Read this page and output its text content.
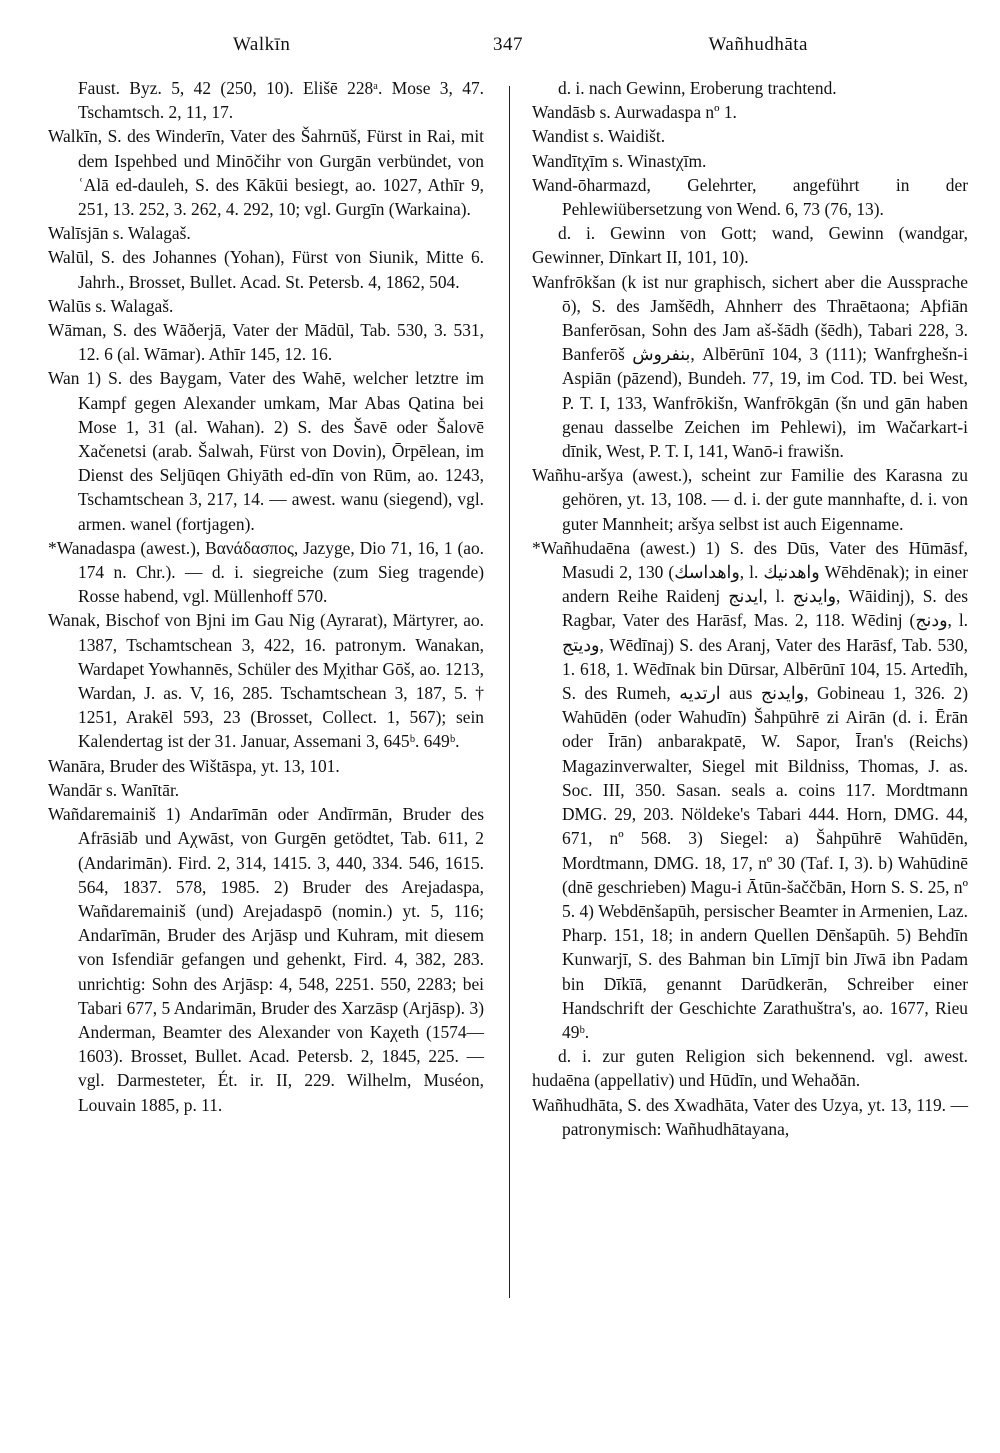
Walkīn	347	Wañhudhāta

Faust. Byz. 5, 42 (250, 10). Elišē 228ᵃ. Mose 3, 47. Tschamtsch. 2, 11, 17.

Walkīn, S. des Winderīn, Vater des Šahrnūš, Fürst in Rai, mit dem Ispehbed und Minōčihr von Gurgān verbündet, von ʿAlā ed-dauleh, S. des Kākūi besiegt, ao. 1027, Athīr 9, 251, 13. 252, 3. 262, 4. 292, 10; vgl. Gurgīn (Warkaina).

Walīsjān s. Walagaš.

Walūl, S. des Johannes (Yohan), Fürst von Siunik, Mitte 6. Jahrh., Brosset, Bullet. Acad. St. Petersb. 4, 1862, 504.

Walūs s. Walagaš.

Wāman, S. des Wāðerjā, Vater der Mādūl, Tab. 530, 3. 531, 12. 6 (al. Wāmar). Athīr 145, 12. 16.

Wan 1) S. des Baygam, Vater des Wahē, welcher letztre im Kampf gegen Alexander umkam, Mar Abas Qatina bei Mose 1, 31 (al. Wahan). 2) S. des Šavē oder Šalovē Xačenetsi (arab. Šalwah, Fürst von Dovin), Ōrpēlean, im Dienst des Seljūqen Ghiyāth ed-dīn von Rūm, ao. 1243, Tschamtschean 3, 217, 14. — awest. wanu (siegend), vgl. armen. wanel (fortjagen).

*Wanadaspa (awest.), Βανάδασπος, Jazyge, Dio 71, 16, 1 (ao. 174 n. Chr.). — d. i. siegreiche (zum Sieg tragende) Rosse habend, vgl. Müllenhoff 570.

Wanak, Bischof von Bjni im Gau Nig (Ayrarat), Märtyrer, ao. 1387, Tschamtschean 3, 422, 16. patronym. Wanakan, Wardapet Yowhannēs, Schüler des Mχithar Gōš, ao. 1213, Wardan, J. as. V, 16, 285. Tschamtschean 3, 187, 5. † 1251, Arakēl 593, 23 (Brosset, Collect. 1, 567); sein Kalendertag ist der 31. Januar, Assemani 3, 645ᵇ. 649ᵇ.

Wanāra, Bruder des Wištāspa, yt. 13, 101.

Wandār s. Wanītār.

Wañdaremainiš 1) Andarīmān oder Andīrmān, Bruder des Afrāsiāb und Aχwāst, von Gurgēn getödtet, Tab. 611, 2 (Andarimān). Fird. 2, 314, 1415. 3, 440, 334. 546, 1615. 564, 1837. 578, 1985. 2) Bruder des Arejadaspa, Wañdaremainiš (und) Arejadaspō (nomin.) yt. 5, 116; Andarīmān, Bruder des Arjāsp und Kuhram, mit diesem von Isfendiār gefangen und gehenkt, Fird. 4, 382, 283. unrichtig: Sohn des Arjāsp: 4, 548, 2251. 550, 2283; bei Tabari 677, 5 Andarimān, Bruder des Xarzāsp (Arjāsp). 3) Anderman, Beamter des Alexander von Kaχeth (1574—1603). Brosset, Bullet. Acad. Petersb. 2, 1845, 225. — vgl. Darmesteter, Ét. ir. II, 229. Wilhelm, Muséon, Louvain 1885, p. 11.

d. i. nach Gewinn, Eroberung trachtend.

Wandāsb s. Aurwadaspa nº 1.

Wandist s. Waidišt.

Wandītχīm s. Winastχīm.

Wand-ōharmazd, Gelehrter, angeführt in der Pehlewiübersetzung von Wend. 6, 73 (76, 13).

d. i. Gewinn von Gott; wand, Gewinn (wandgar, Gewinner, Dīnkart II, 101, 10).

Wanfrōkšan (k ist nur graphisch, sichert aber die Aussprache ō), S. des Jamšēdh, Ahnherr des Thraētaona; Aþfiān Banferōsan, Sohn des Jam aš-šādh (šēdh), Tabari 228, 3. Banferōš بنفروش, Albērūnī 104, 3 (111); Wanfrghešn-i Aspiān (pāzend), Bundeh. 77, 19, im Cod. TD. bei West, P. T. I, 133, Wanfrōkišn, Wanfrōkgān (šn und gān haben genau dasselbe Zeichen im Pehlewi), im Wačarkart-i dīnik, West, P. T. I, 141, Wanō-i frawišn.

Wañhu-aršya (awest.), scheint zur Familie des Karasna zu gehören, yt. 13, 108. — d. i. der gute mannhafte, d. i. von guter Mannheit; aršya selbst ist auch Eigenname.

*Wañhudaēna (awest.) 1) S. des Dūs, Vater des Hūmāsf, Masudi 2, 130 (واهداسك, l. واهدنيك Wēhdēnak); in einer andern Reihe Raidenj ايدنج, l. وايدنج, Wāidinj), S. des Ragbar, Vater des Harāsf, Mas. 2, 118. Wēdinj (ودنج, l. وديتج, Wēdīnaj) S. des Aranj, Vater des Harāsf, Tab. 530, 1. 618, 1. Wēdīnak bin Dūrsar, Albērūnī 104, 15. Artedīh, S. des Rumeh, ارتديه aus وايدنج, Gobineau 1, 326. 2) Wahūdēn (oder Wahudīn) Šahpūhrē zi Airān (d. i. Ērān oder Īrān) anbarakpatē, W. Sapor, Īran's (Reichs) Magazinverwalter, Siegel mit Bildniss, Thomas, J. as. Soc. III, 350. Sasan. seals a. coins 117. Mordtmann DMG. 29, 203. Nöldeke's Tabari 444. Horn, DMG. 44, 671, nº 568. 3) Siegel: a) Šahpūhrē Wahūdēn, Mordtmann, DMG. 18, 17, nº 30 (Taf. I, 3). b) Wahūdinē (dnē geschrieben) Magu-i Ātūn-šaččbān, Horn S. S. 25, nº 5. 4) Webdēnšapūh, persischer Beamter in Armenien, Laz. Pharp. 151, 18; in andern Quellen Dēnšapūh. 5) Behdīn Kunwarjī, S. des Bahman bin Līmjī bin Jīwā ibn Padam bin Dīkīā, genannt Darūdkerān, Schreiber einer Handschrift der Geschichte Zarathuštra's, ao. 1677, Rieu 49ᵇ.

d. i. zur guten Religion sich bekennend. vgl. awest. hudaēna (appellativ) und Hūdīn, und Wehaðān.

Wañhudhāta, S. des Xwadhāta, Vater des Uzya, yt. 13, 119. — patronymisch: Wañhudhātayana,
